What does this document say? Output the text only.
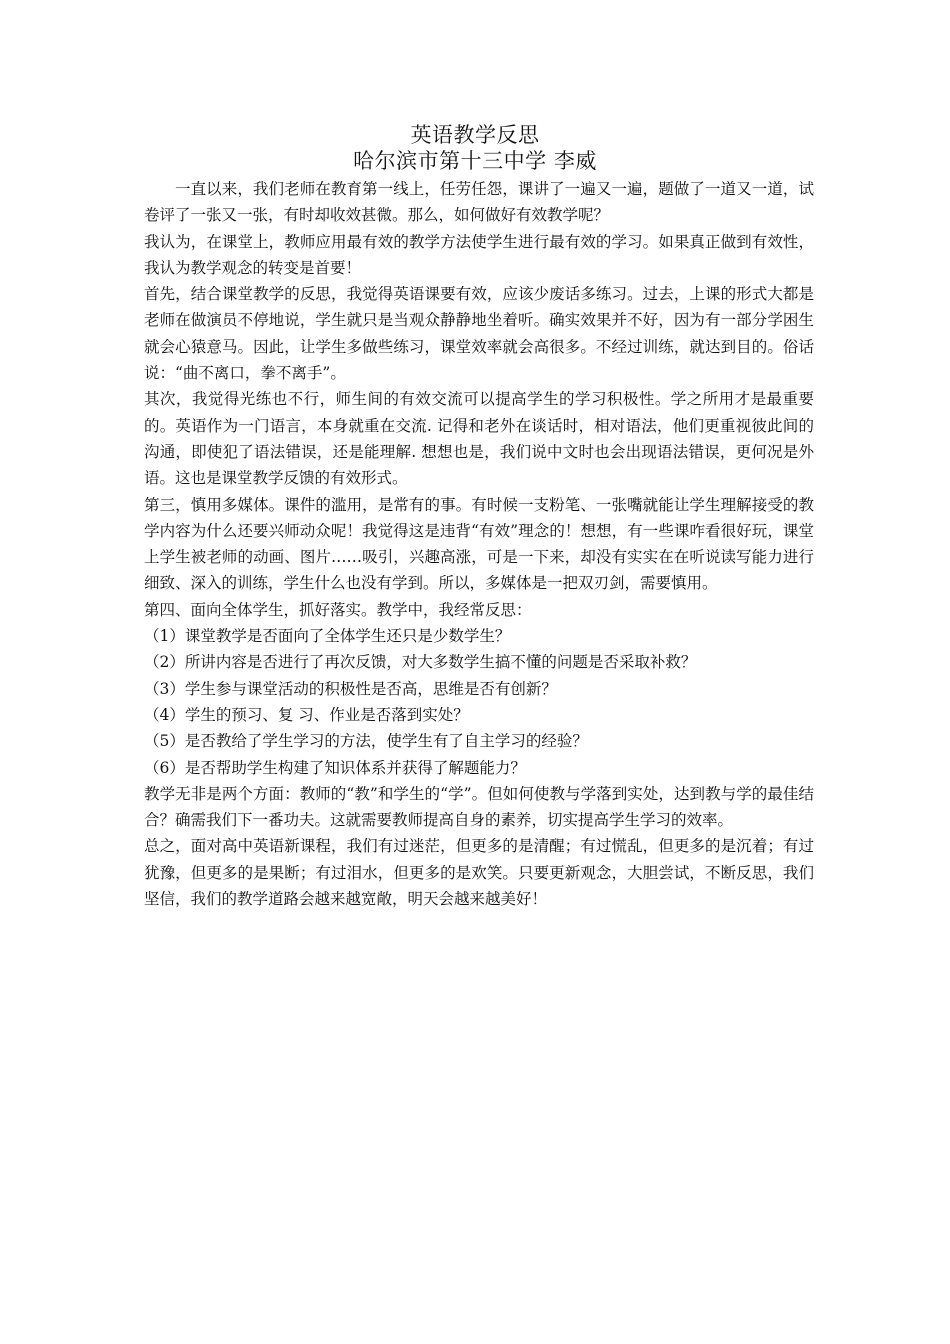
英语教学反思
哈尔滨市第十三中学 李威

一直以来，我们老师在教育第一线上，任劳任怨，课讲了一遍又一遍，题做了一道又一道，试卷评了一张又一张，有时却收效甚微。那么，如何做好有效教学呢？

我认为，在课堂上，教师应用最有效的教学方法使学生进行最有效的学习。如果真正做到有效性，我认为教学观念的转变是首要！

首先，结合课堂教学的反思，我觉得英语课要有效，应该少废话多练习。过去，上课的形式大都是老师在做演员不停地说，学生就只是当观众静静地坐着听。确实效果并不好，因为有一部分学困生就会心猿意马。因此，让学生多做些练习，课堂效率就会高很多。不经过训练，就达到目的。俗话说：“曲不离口，拳不离手”。

其次，我觉得光练也不行，师生间的有效交流可以提高学生的学习积极性。学之所用才是最重要的。英语作为一门语言，本身就重在交流. 记得和老外在谈话时，相对语法，他们更重视彼此间的沟通，即使犯了语法错误，还是能理解. 想想也是，我们说中文时也会出现语法错误，更何况是外语。这也是课堂教学反馈的有效形式。

第三，慎用多媒体。课件的滥用，是常有的事。有时候一支粉笔、一张嘴就能让学生理解接受的教学内容为什么还要兴师动众呢！我觉得这是违背“有效”理念的！想想，有一些课咋看很好玩，课堂上学生被老师的动画、图片……吸引，兴趣高涨，可是一下来，却没有实实在在听说读写能力进行细致、深入的训练，学生什么也没有学到。所以，多媒体是一把双刃剑，需要慎用。

第四、面向全体学生，抓好落实。教学中，我经常反思：

（1）课堂教学是否面向了全体学生还只是少数学生？

（2）所讲内容是否进行了再次反馈，对大多数学生搞不懂的问题是否采取补救？

（3）学生参与课堂活动的积极性是否高，思维是否有创新？

（4）学生的预习、复 习、作业是否落到实处？

（5）是否教给了学生学习的方法，使学生有了自主学习的经验？

（6）是否帮助学生构建了知识体系并获得了解题能力？

教学无非是两个方面：教师的“教”和学生的“学”。但如何使教与学落到实处，达到教与学的最佳结合？确需我们下一番功夫。这就需要教师提高自身的素养，切实提高学生学习的效率。

总之，面对高中英语新课程，我们有过迷茫，但更多的是清醒；有过慌乱，但更多的是沉着；有过犹豫，但更多的是果断；有过泪水，但更多的是欢笑。只要更新观念，大胆尝试，不断反思，我们坚信，我们的教学道路会越来越宽敞，明天会越来越美好！
